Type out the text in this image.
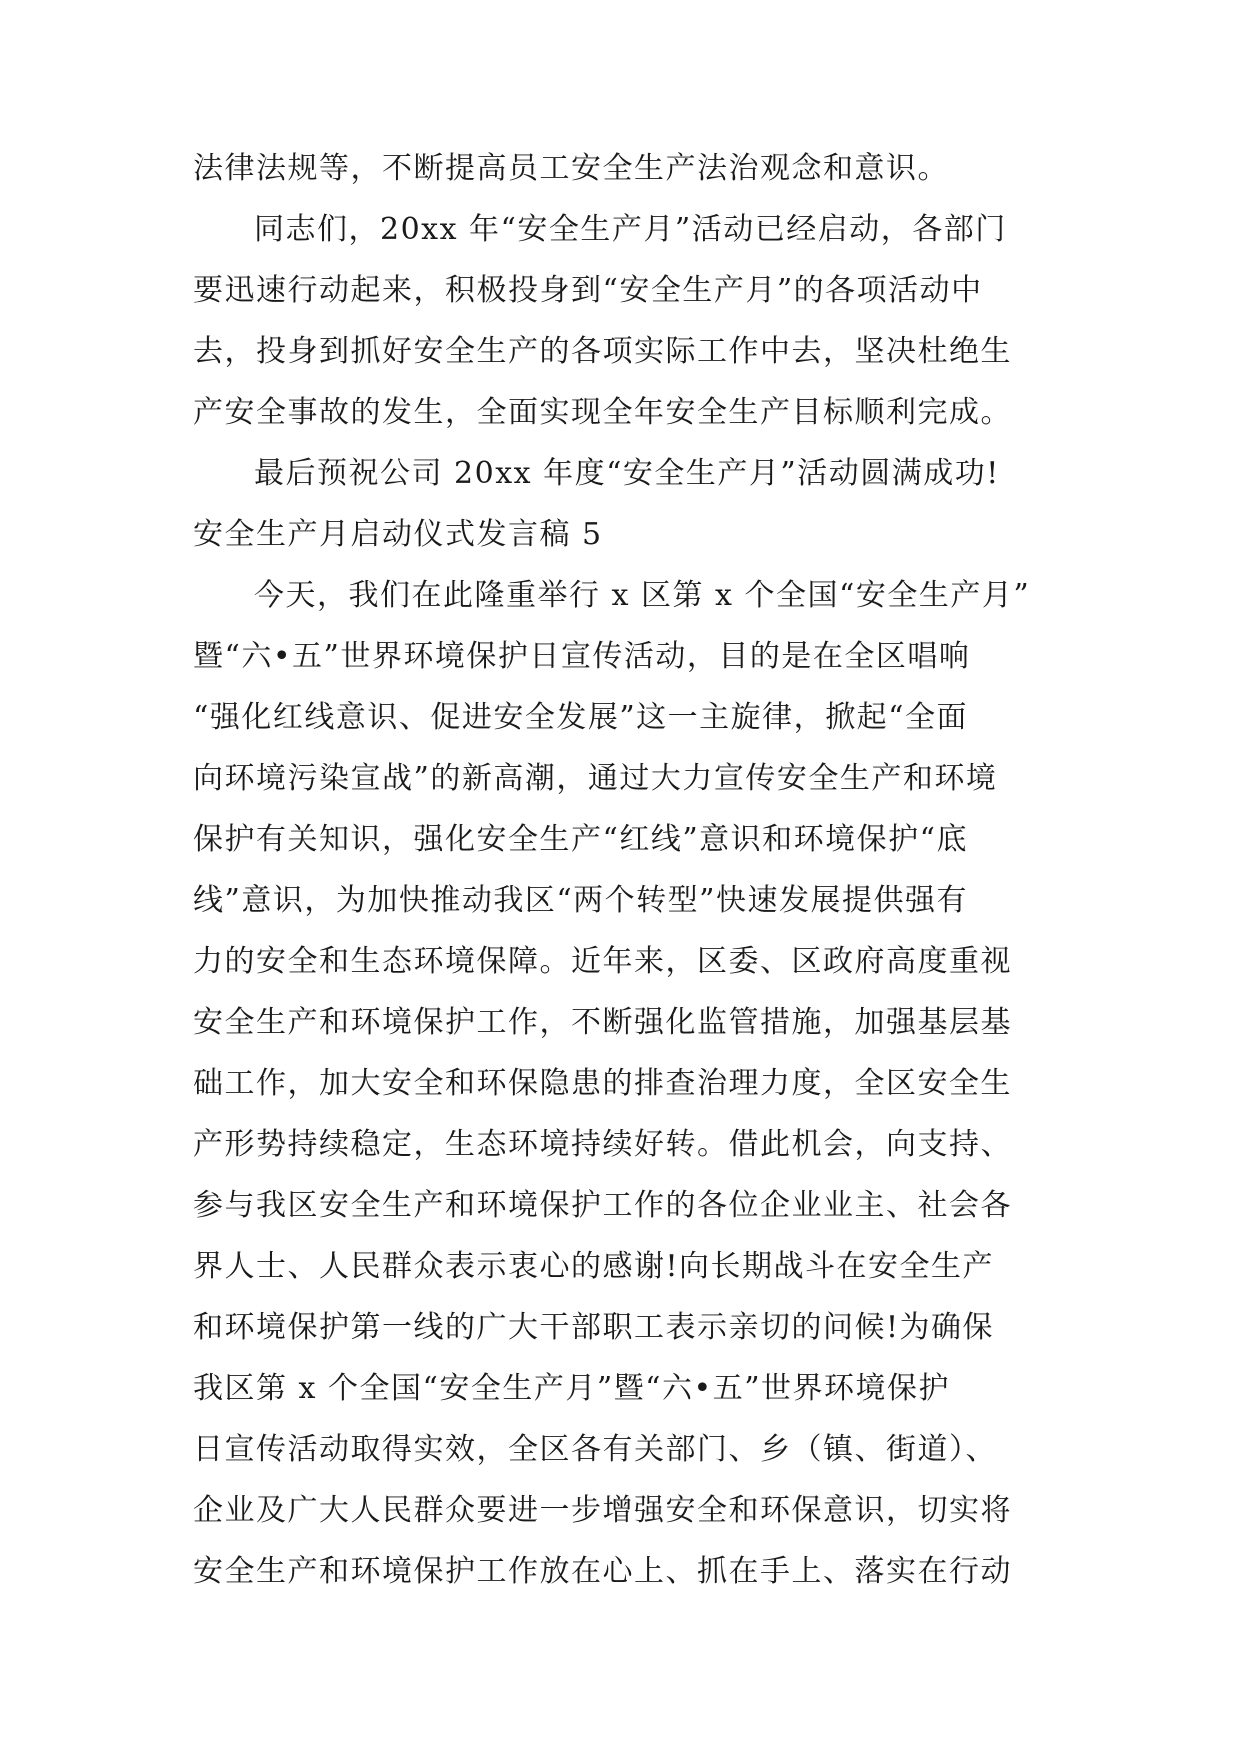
法律法规等，不断提高员工安全生产法治观念和意识。
同志们，20xx 年“安全生产月”活动已经启动，各部门
要迅速行动起来，积极投身到“安全生产月”的各项活动中
去，投身到抓好安全生产的各项实际工作中去，坚决杜绝生
产安全事故的发生，全面实现全年安全生产目标顺利完成。
最后预祝公司 20xx 年度“安全生产月”活动圆满成功!
安全生产月启动仪式发言稿 5
今天，我们在此隆重举行 x 区第 x 个全国“安全生产月”
暨“六•五”世界环境保护日宣传活动，目的是在全区唱响
“强化红线意识、促进安全发展”这一主旋律，掀起“全面
向环境污染宣战”的新高潮，通过大力宣传安全生产和环境
保护有关知识，强化安全生产“红线”意识和环境保护“底
线”意识，为加快推动我区“两个转型”快速发展提供强有
力的安全和生态环境保障。近年来，区委、区政府高度重视
安全生产和环境保护工作，不断强化监管措施，加强基层基
础工作，加大安全和环保隐患的排查治理力度，全区安全生
产形势持续稳定，生态环境持续好转。借此机会，向支持、
参与我区安全生产和环境保护工作的各位企业业主、社会各
界人士、人民群众表示衷心的感谢!向长期战斗在安全生产
和环境保护第一线的广大干部职工表示亲切的问候!为确保
我区第 x 个全国“安全生产月”暨“六•五”世界环境保护
日宣传活动取得实效，全区各有关部门、乡（镇、街道）、
企业及广大人民群众要进一步增强安全和环保意识，切实将
安全生产和环境保护工作放在心上、抓在手上、落实在行动
